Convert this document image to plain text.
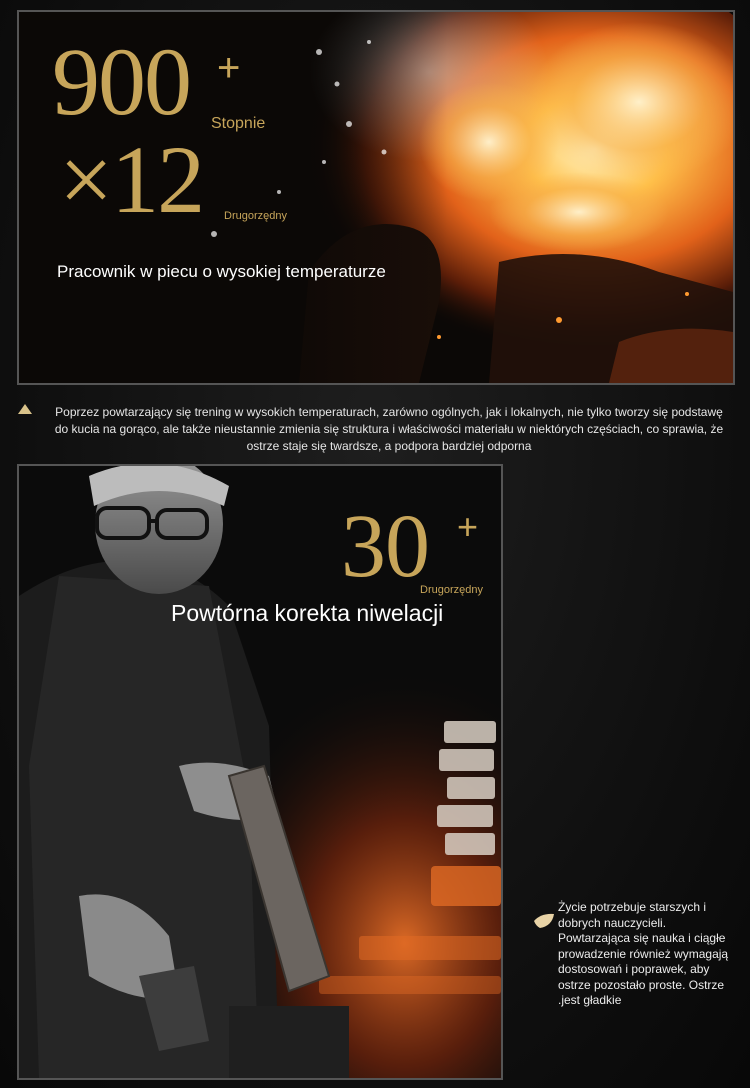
900 +
Stopnie
×12 Drugorzędny
Pracownik w piecu o wysokiej temperaturze
Poprzez powtarzający się trening w wysokich temperaturach, zarówno ogólnych, jak i lokalnych, nie tylko tworzy się podstawę do kucia na gorąco, ale także nieustannie zmienia się struktura i właściwości materiału w niektórych częściach, co sprawia, że ostrze staje się twardsze, a podpora bardziej odporna
30 +
Drugorzędny
Powtórna korekta niwelacji
Życie potrzebuje starszych i dobrych nauczycieli. Powtarzająca się nauka i ciągłe prowadzenie również wymagają dostosowań i poprawek, aby ostrze pozostało proste. Ostrze .jest gładkie
